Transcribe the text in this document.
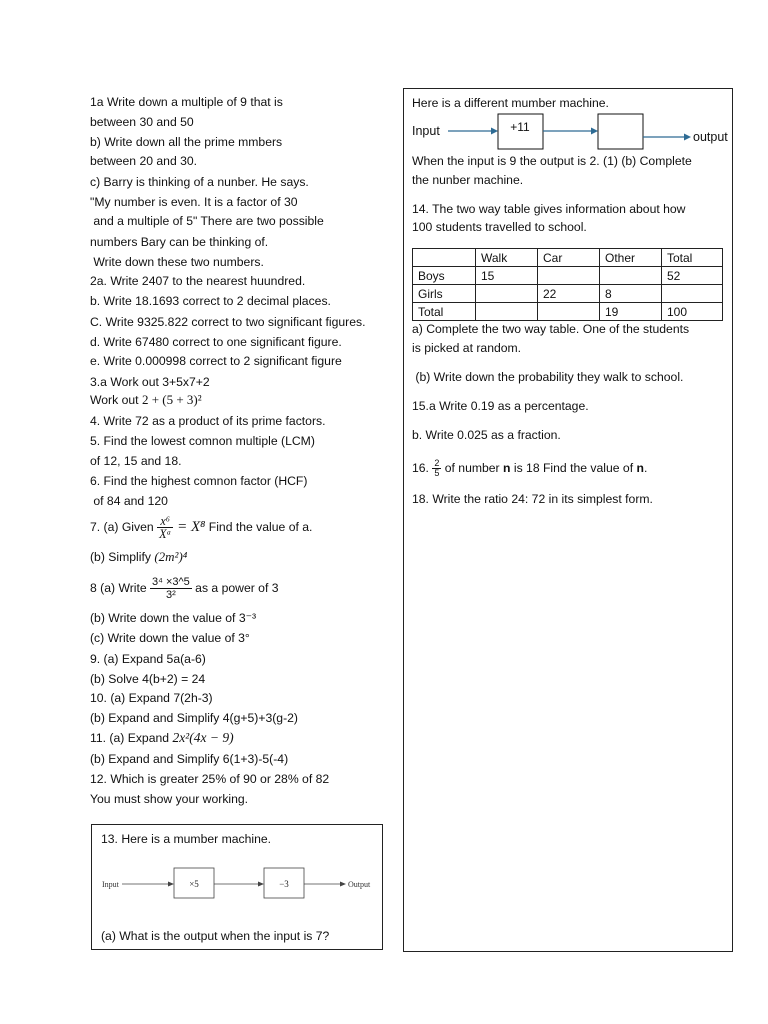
1a Write down a multiple of 9 that is
between 30 and 50
b) Write down all the prime mmbers
between 20 and 30.
c) Barry is thinking of a nunber. He says.
"My number is even. It is a factor of 30
and a multiple of 5" There are two possible
numbers Bary can be thinking of.
Write down these two numbers.
2a. Write 2407 to the nearest huundred.
b. Write 18.1693 correct to 2 decimal places.
C. Write 9325.822 correct to two significant figures.
d. Write 67480 correct to one significant figure.
e. Write 0.000998 correct to 2 significant figure
3.a Work out 3+5x7+2
Work out 2 + (5 + 3)²
4. Write 72 as a product of its prime factors.
5. Find the lowest comnon multiple (LCM)
of 12, 15 and 18.
6. Find the highest comnon factor (HCF)
of 84 and 120
7. (a) Given $\frac{\text{x⁶}}{\text{Xᵃ}} = X^8$ Find the value of a.
(b) Simplify (2m²)⁴
8 (a) Write $\frac{\text{3⁴ ×3\textasciicircum{}5}}{\text{3²}}$ as a power of 3
(b) Write down the value of 3⁻³
(c) Write down the value of 3°
9. (a) Expand 5a(a-6)
(b) Solve 4(b+2) = 24
10. (a) Expand 7(2h-3)
(b) Expand and Simplify 4(g+5)+3(g-2)
11. (a) Expand 2x²(4x − 9)
(b) Expand and Simplify 6(1+3)-5(-4)
12. Which is greater 25% of 90 or 28% of 82
You must show your working.
13. Here is a mumber machine.
Input	×5	−3	Output
(a) What is the output when the input is 7?
Here is a different mumber machine.
Input	+11
output
When the input is 9 the output is 2. (1) (b) Complete
the nunber machine.
14. The two way table gives information about how
100 students travelled to school.
	Walk	Car	Other	Total
Boys	15			52
Girls		22	8	
Total			19	100
a) Complete the two way table. One of the students
is picked at random.
(b) Write down the probability they walk to school.
15.a Write 0.19 as a percentage.
b. Write 0.025 as a fraction.
16. $\frac{2}{5}$ of number n is 18 Find the value of n.
18. Write the ratio 24: 72 in its simplest form.
